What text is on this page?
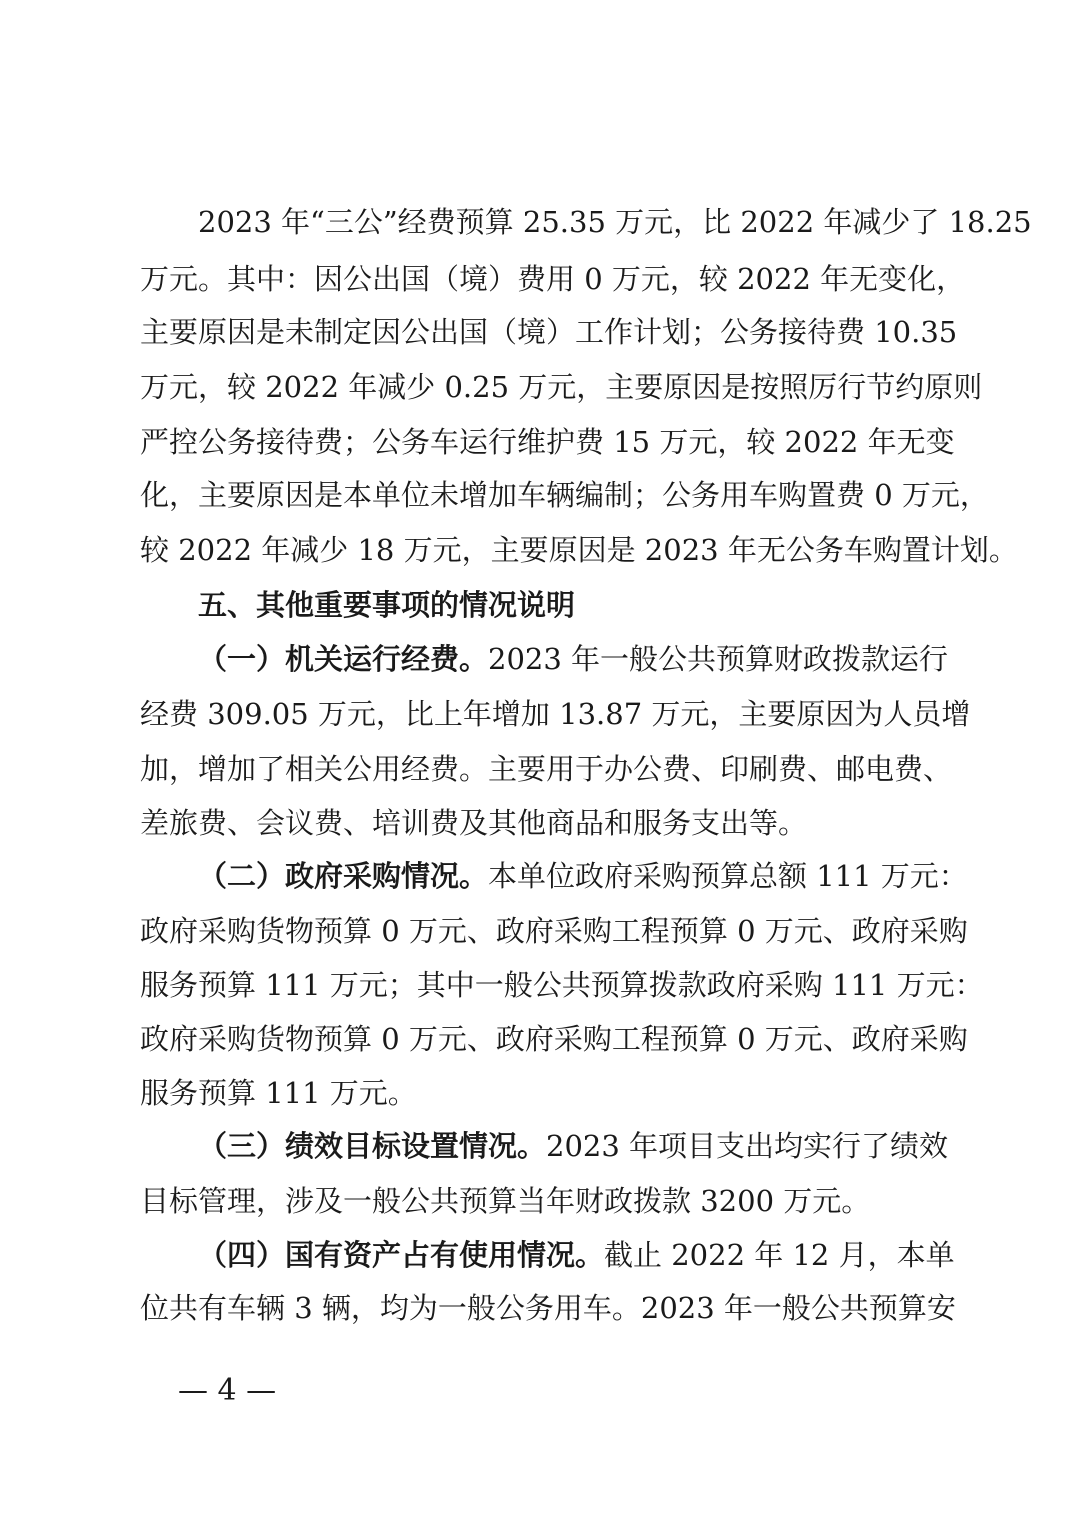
2023 年“三公”经费预算 25.35 万元，比 2022 年减少了 18.25
万元。其中：因公出国（境）费用 0 万元，较 2022 年无变化，
主要原因是未制定因公出国（境）工作计划；公务接待费 10.35
万元，较 2022 年减少 0.25 万元，主要原因是按照厉行节约原则
严控公务接待费；公务车运行维护费 15 万元，较 2022 年无变
化，主要原因是本单位未增加车辆编制；公务用车购置费 0 万元，
较 2022 年减少 18 万元，主要原因是 2023 年无公务车购置计划。
五、其他重要事项的情况说明
（一）机关运行经费。2023 年一般公共预算财政拨款运行
经费 309.05 万元，比上年增加 13.87 万元，主要原因为人员增
加，增加了相关公用经费。主要用于办公费、印刷费、邮电费、
差旅费、会议费、培训费及其他商品和服务支出等。
（二）政府采购情况。本单位政府采购预算总额 111 万元：
政府采购货物预算 0 万元、政府采购工程预算 0 万元、政府采购
服务预算 111 万元；其中一般公共预算拨款政府采购 111 万元：
政府采购货物预算 0 万元、政府采购工程预算 0 万元、政府采购
服务预算 111 万元。
（三）绩效目标设置情况。2023 年项目支出均实行了绩效
目标管理，涉及一般公共预算当年财政拨款 3200 万元。
（四）国有资产占有使用情况。截止 2022 年 12 月，本单
位共有车辆 3 辆，均为一般公务用车。2023 年一般公共预算安
— 4 —
